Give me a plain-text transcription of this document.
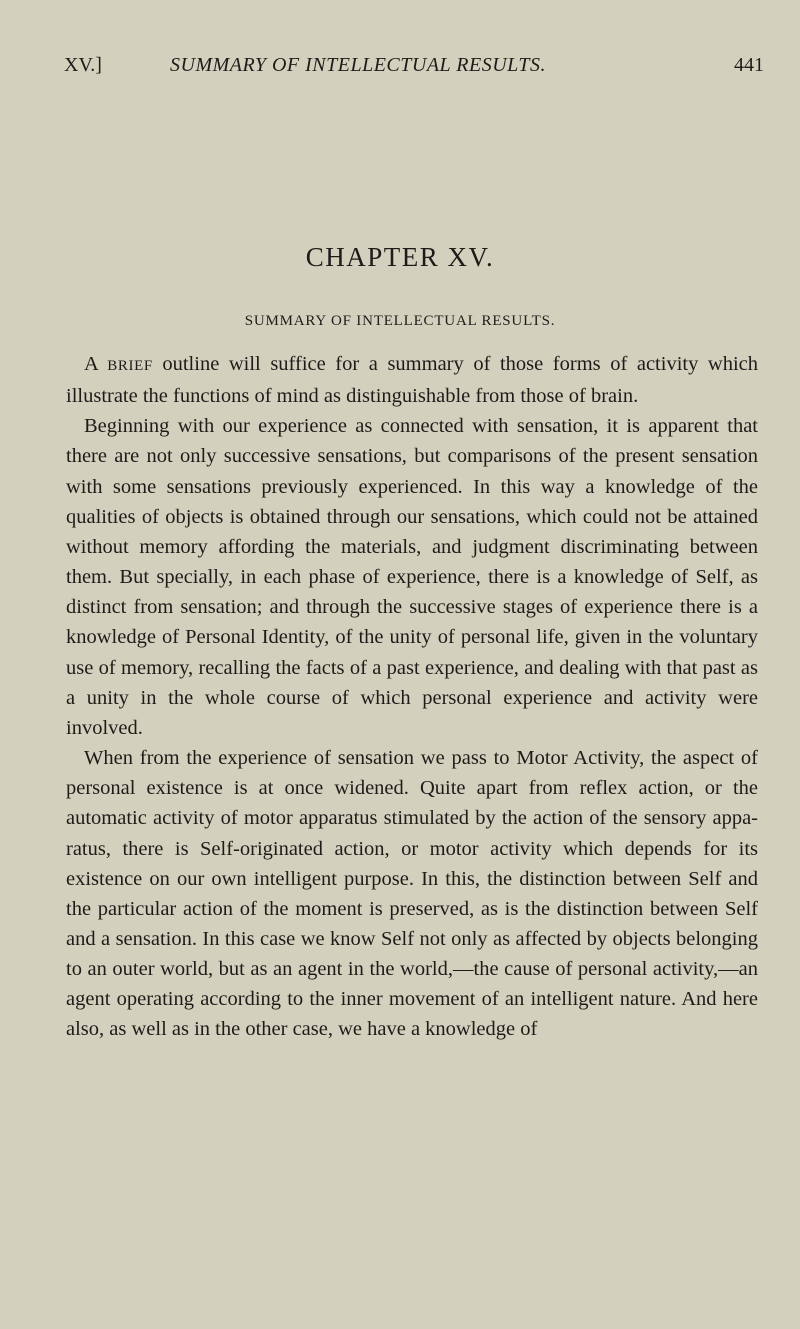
XV.]	SUMMARY OF INTELLECTUAL RESULTS.	441
CHAPTER XV.
SUMMARY OF INTELLECTUAL RESULTS.

A BRIEF outline will suffice for a summary of those forms of activity which illustrate the functions of mind as distinguishable from those of brain.

Beginning with our experience as connected with sensation, it is apparent that there are not only successive sensations, but comparisons of the present sensation with some sensations previously experienced. In this way a knowledge of the qualities of objects is obtained through our sensations, which could not be attained without memory affording the materials, and judgment discriminating between them. But specially, in each phase of experience, there is a knowledge of Self, as distinct from sensation; and through the successive stages of experience there is a knowledge of Personal Identity, of the unity of personal life, given in the voluntary use of memory, recalling the facts of a past experience, and dealing with that past as a unity in the whole course of which personal experience and activity were involved.

When from the experience of sensation we pass to Motor Activity, the aspect of personal existence is at once widened. Quite apart from reflex action, or the automatic activity of motor apparatus stimulated by the action of the sensory apparatus, there is Self-originated action, or motor activity which depends for its existence on our own intelligent purpose. In this, the distinction between Self and the particular action of the moment is preserved, as is the distinction between Self and a sensation. In this case we know Self not only as affected by objects belonging to an outer world, but as an agent in the world,—the cause of personal activity,—an agent operating according to the inner movement of an intelligent nature. And here also, as well as in the other case, we have a knowledge of
